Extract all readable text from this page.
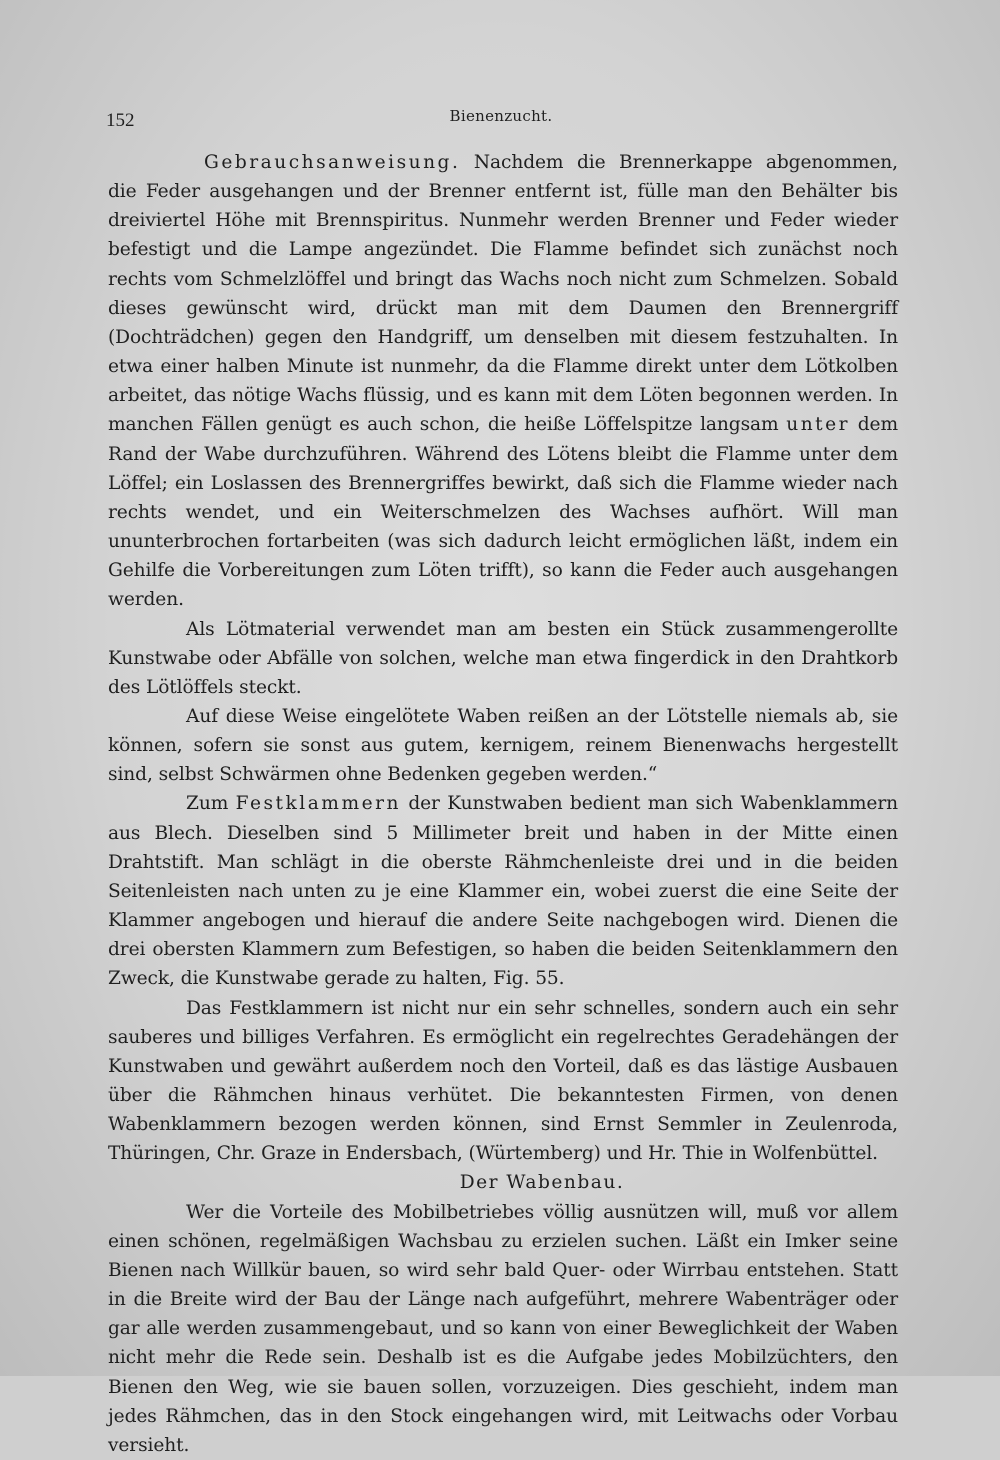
152	Bienenzucht.

Gebrauchsanweisung. Nachdem die Brennerkappe abgenommen, die Feder ausgehangen und der Brenner entfernt ist, fülle man den Behälter bis dreiviertel Höhe mit Brennspiritus. Nunmehr werden Brenner und Feder wieder befestigt und die Lampe angezündet. Die Flamme befindet sich zunächst noch rechts vom Schmelzlöffel und bringt das Wachs noch nicht zum Schmelzen. Sobald dieses gewünscht wird, drückt man mit dem Daumen den Brennergriff (Dochträdchen) gegen den Handgriff, um denselben mit diesem festzuhalten. In etwa einer halben Minute ist nunmehr, da die Flamme direkt unter dem Lötkolben arbeitet, das nötige Wachs flüssig, und es kann mit dem Löten begonnen werden. In manchen Fällen genügt es auch schon, die heiße Löffelspitze langsam unter dem Rand der Wabe durchzuführen. Während des Lötens bleibt die Flamme unter dem Löffel; ein Loslassen des Brennergriffes bewirkt, daß sich die Flamme wieder nach rechts wendet, und ein Weiterschmelzen des Wachses aufhört. Will man ununterbrochen fortarbeiten (was sich dadurch leicht ermöglichen läßt, indem ein Gehilfe die Vorbereitungen zum Löten trifft), so kann die Feder auch ausgehangen werden.

Als Lötmaterial verwendet man am besten ein Stück zusammengerollte Kunstwabe oder Abfälle von solchen, welche man etwa fingerdick in den Drahtkorb des Lötlöffels steckt.

Auf diese Weise eingelötete Waben reißen an der Lötstelle niemals ab, sie können, sofern sie sonst aus gutem, kernigem, reinem Bienenwachs hergestellt sind, selbst Schwärmen ohne Bedenken gegeben werden.“

Zum Festklammern der Kunstwaben bedient man sich Wabenklammern aus Blech. Dieselben sind 5 Millimeter breit und haben in der Mitte einen Drahtstift. Man schlägt in die oberste Rähmchenleiste drei und in die beiden Seitenleisten nach unten zu je eine Klammer ein, wobei zuerst die eine Seite der Klammer angebogen und hierauf die andere Seite nachgebogen wird. Dienen die drei obersten Klammern zum Befestigen, so haben die beiden Seitenklammern den Zweck, die Kunstwabe gerade zu halten, Fig. 55.

Das Festklammern ist nicht nur ein sehr schnelles, sondern auch ein sehr sauberes und billiges Verfahren. Es ermöglicht ein regelrechtes Geradehängen der Kunstwaben und gewährt außerdem noch den Vorteil, daß es das lästige Ausbauen über die Rähmchen hinaus verhütet. Die bekanntesten Firmen, von denen Wabenklammern bezogen werden können, sind Ernst Semmler in Zeulenroda, Thüringen, Chr. Graze in Endersbach, (Würtemberg) und Hr. Thie in Wolfenbüttel.

Der Wabenbau.

Wer die Vorteile des Mobilbetriebes völlig ausnützen will, muß vor allem einen schönen, regelmäßigen Wachsbau zu erzielen suchen. Läßt ein Imker seine Bienen nach Willkür bauen, so wird sehr bald Quer- oder Wirrbau entstehen. Statt in die Breite wird der Bau der Länge nach aufgeführt, mehrere Wabenträger oder gar alle werden zusammengebaut, und so kann von einer Beweglichkeit der Waben nicht mehr die Rede sein. Deshalb ist es die Aufgabe jedes Mobilzüchters, den Bienen den Weg, wie sie bauen sollen, vorzuzeigen. Dies geschieht, indem man jedes Rähmchen, das in den Stock eingehangen wird, mit Leitwachs oder Vorbau versieht.
